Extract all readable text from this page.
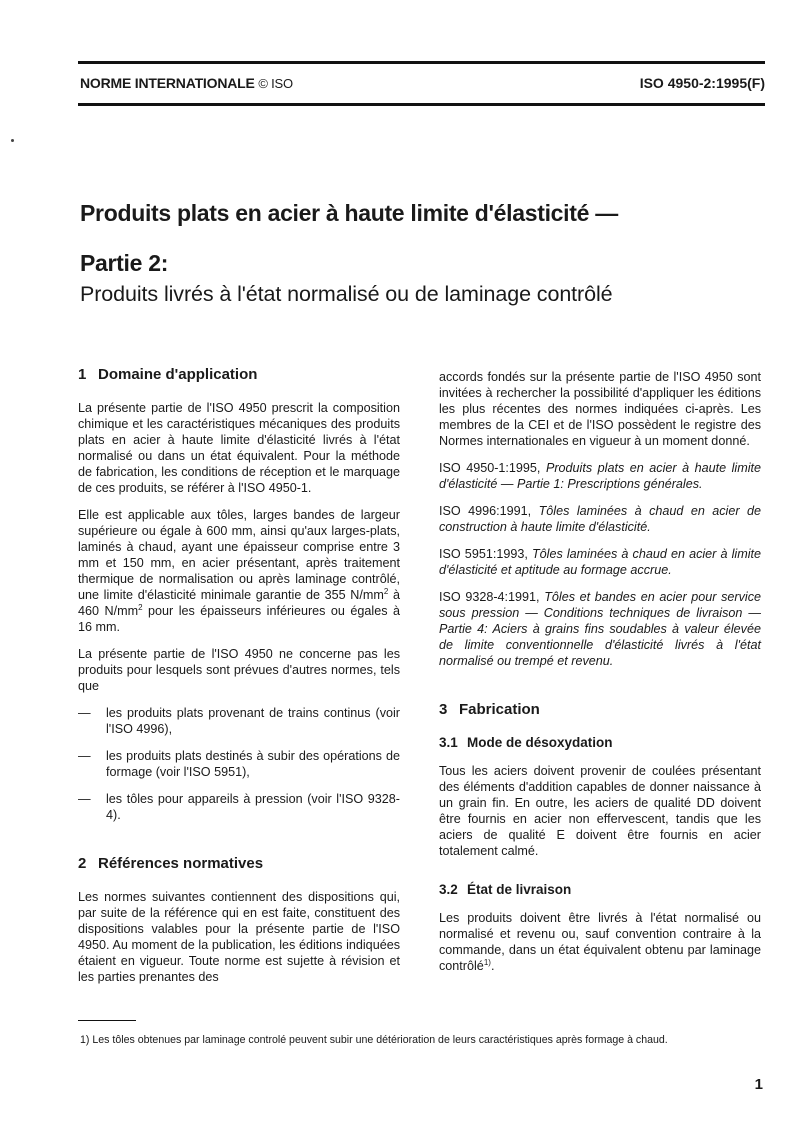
NORME INTERNATIONALE © ISO	ISO 4950-2:1995(F)
Produits plats en acier à haute limite d'élasticité —
Partie 2:
Produits livrés à l'état normalisé ou de laminage contrôlé
1 Domaine d'application

La présente partie de l'ISO 4950 prescrit la composition chimique et les caractéristiques mécaniques des produits plats en acier à haute limite d'élasticité livrés à l'état normalisé ou dans un état équivalent. Pour la méthode de fabrication, les conditions de réception et le marquage de ces produits, se référer à l'ISO 4950-1.

Elle est applicable aux tôles, larges bandes de largeur supérieure ou égale à 600 mm, ainsi qu'aux larges-plats, laminés à chaud, ayant une épaisseur comprise entre 3 mm et 150 mm, en acier présentant, après traitement thermique de normalisation ou après laminage contrôlé, une limite d'élasticité minimale garantie de 355 $N/mm^2$ à 460 $N/mm^2$ pour les épaisseurs inférieures ou égales à 16 mm.

La présente partie de l'ISO 4950 ne concerne pas les produits pour lesquels sont prévues d'autres normes, tels que

— les produits plats provenant de trains continus (voir l'ISO 4996),
— les produits plats destinés à subir des opérations de formage (voir l'ISO 5951),
— les tôles pour appareils à pression (voir l'ISO 9328-4).
2 Références normatives

Les normes suivantes contiennent des dispositions qui, par suite de la référence qui en est faite, constituent des dispositions valables pour la présente partie de l'ISO 4950. Au moment de la publication, les éditions indiquées étaient en vigueur. Toute norme est sujette à révision et les parties prenantes des

accords fondés sur la présente partie de l'ISO 4950 sont invitées à rechercher la possibilité d'appliquer les éditions les plus récentes des normes indiquées ci-après. Les membres de la CEI et de l'ISO possèdent le registre des Normes internationales en vigueur à un moment donné.

ISO 4950-1:1995, Produits plats en acier à haute limite d'élasticité — Partie 1: Prescriptions générales.

ISO 4996:1991, Tôles laminées à chaud en acier de construction à haute limite d'élasticité.

ISO 5951:1993, Tôles laminées à chaud en acier à limite d'élasticité et aptitude au formage accrue.

ISO 9328-4:1991, Tôles et bandes en acier pour service sous pression — Conditions techniques de livraison — Partie 4: Aciers à grains fins soudables à valeur élevée de limite conventionnelle d'élasticité livrés à l'état normalisé ou trempé et revenu.

3 Fabrication
3.1 Mode de désoxydation

Tous les aciers doivent provenir de coulées présentant des éléments d'addition capables de donner naissance à un grain fin. En outre, les aciers de qualité DD doivent être fournis en acier non effervescent, tandis que les aciers de qualité E doivent être fournis en acier totalement calmé.

3.2 État de livraison

Les produits doivent être livrés à l'état normalisé ou normalisé et revenu ou, sauf convention contraire à la commande, dans un état équivalent obtenu par laminage contrôlé$^{1)}$.

1) Les tôles obtenues par laminage controlé peuvent subir une détérioration de leurs caractéristiques après formage à chaud.
1
